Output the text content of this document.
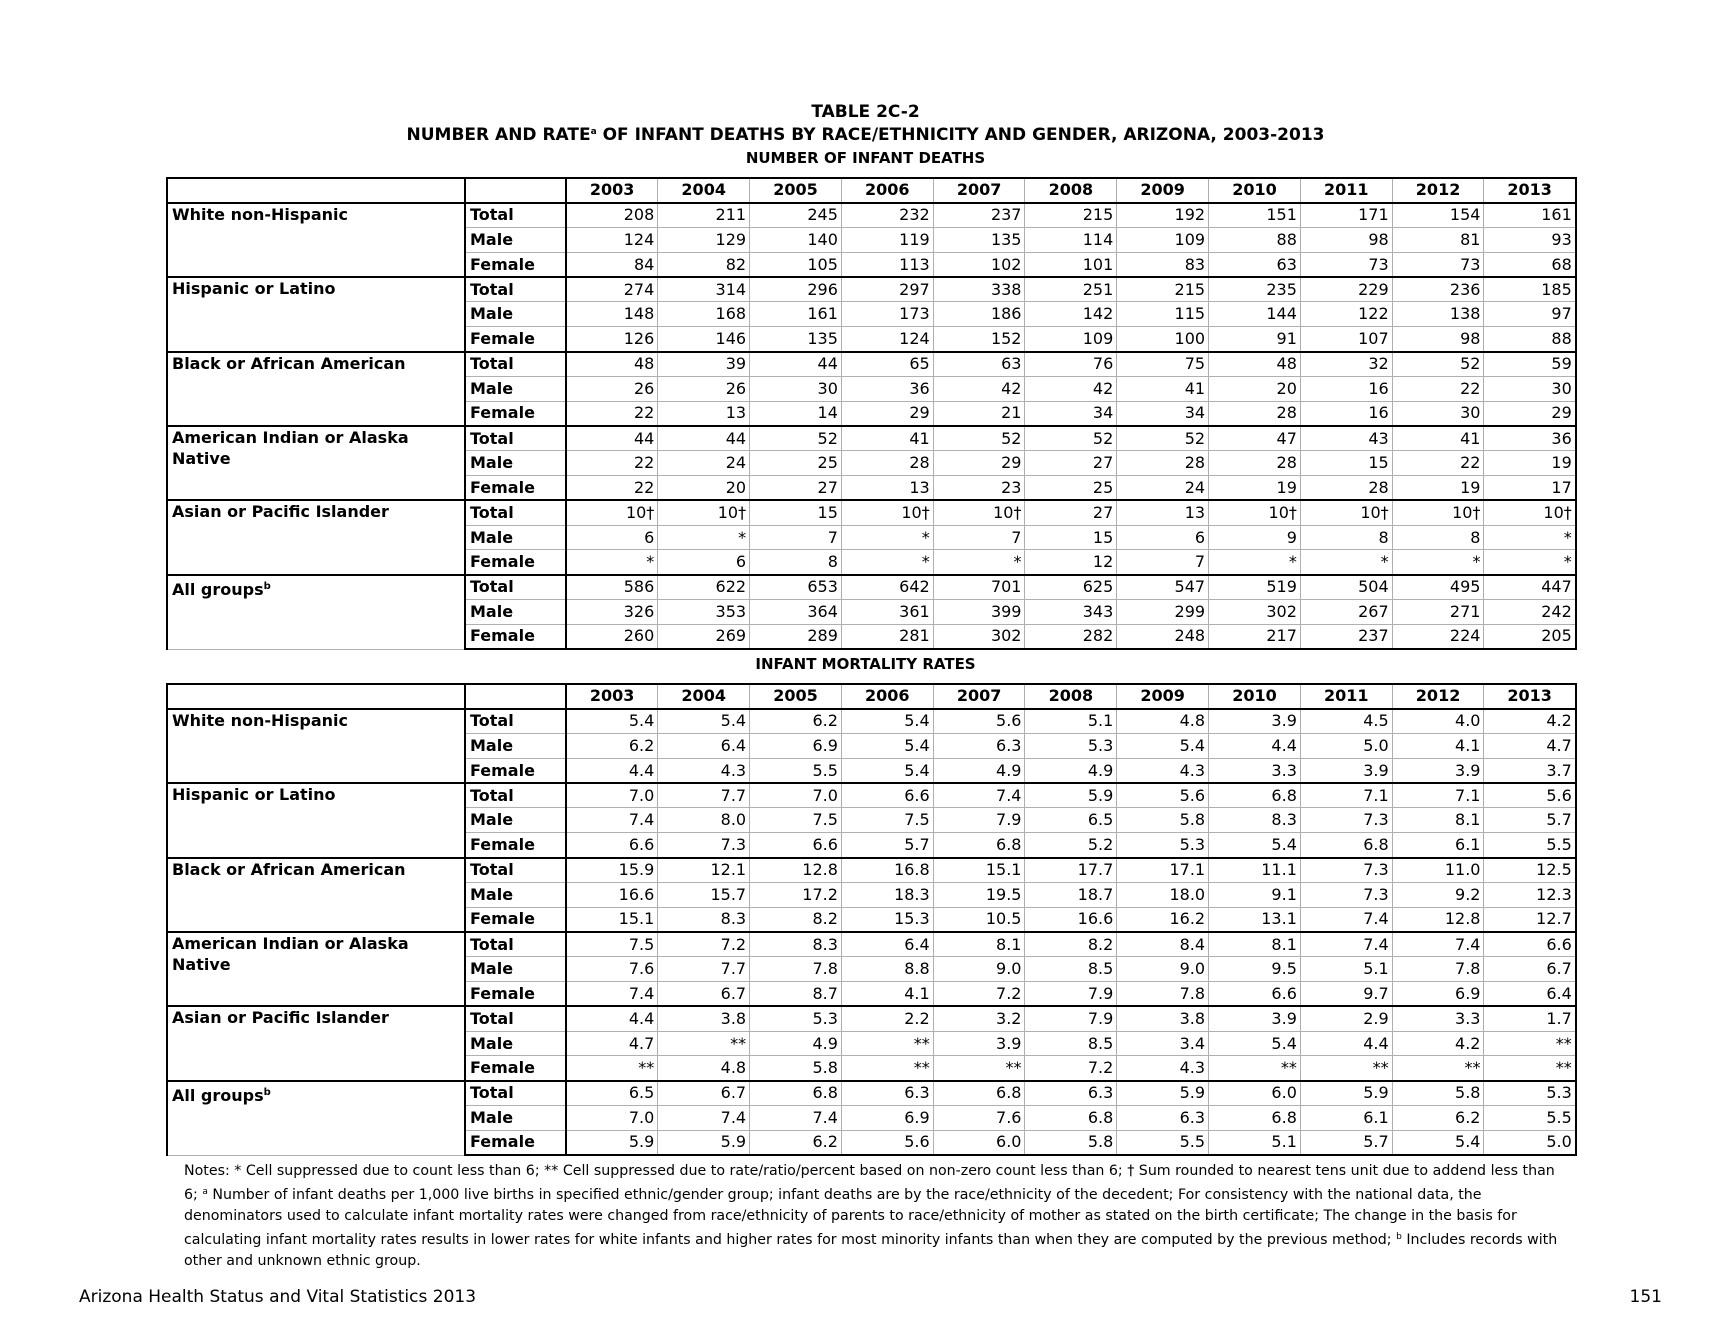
TABLE 2C-2
NUMBER AND RATE$^a$ OF INFANT DEATHS BY RACE/ETHNICITY AND GENDER, ARIZONA, 2003-2013
NUMBER OF INFANT DEATHS
		2003	2004	2005	2006	2007	2008	2009	2010	2011	2012	2013
White non-Hispanic	Total	208	211	245	232	237	215	192	151	171	154	161
	Male	124	129	140	119	135	114	109	88	98	81	93
	Female	84	82	105	113	102	101	83	63	73	73	68
Hispanic or Latino	Total	274	314	296	297	338	251	215	235	229	236	185
	Male	148	168	161	173	186	142	115	144	122	138	97
	Female	126	146	135	124	152	109	100	91	107	98	88
Black or African American	Total	48	39	44	65	63	76	75	48	32	52	59
	Male	26	26	30	36	42	42	41	20	16	22	30
	Female	22	13	14	29	21	34	34	28	16	30	29
American Indian or Alaska Native	Total	44	44	52	41	52	52	52	47	43	41	36
	Male	22	24	25	28	29	27	28	28	15	22	19
	Female	22	20	27	13	23	25	24	19	28	19	17
Asian or Pacific Islander	Total	10†	10†	15	10†	10†	27	13	10†	10†	10†	10†
	Male	6	*	7	*	7	15	6	9	8	8	*
	Female	*	6	8	*	*	12	7	*	*	*	*
All groups$^b$	Total	586	622	653	642	701	625	547	519	504	495	447
	Male	326	353	364	361	399	343	299	302	267	271	242
	Female	260	269	289	281	302	282	248	217	237	224	205
INFANT MORTALITY RATES
		2003	2004	2005	2006	2007	2008	2009	2010	2011	2012	2013
White non-Hispanic	Total	5.4	5.4	6.2	5.4	5.6	5.1	4.8	3.9	4.5	4.0	4.2
	Male	6.2	6.4	6.9	5.4	6.3	5.3	5.4	4.4	5.0	4.1	4.7
	Female	4.4	4.3	5.5	5.4	4.9	4.9	4.3	3.3	3.9	3.9	3.7
Hispanic or Latino	Total	7.0	7.7	7.0	6.6	7.4	5.9	5.6	6.8	7.1	7.1	5.6
	Male	7.4	8.0	7.5	7.5	7.9	6.5	5.8	8.3	7.3	8.1	5.7
	Female	6.6	7.3	6.6	5.7	6.8	5.2	5.3	5.4	6.8	6.1	5.5
Black or African American	Total	15.9	12.1	12.8	16.8	15.1	17.7	17.1	11.1	7.3	11.0	12.5
	Male	16.6	15.7	17.2	18.3	19.5	18.7	18.0	9.1	7.3	9.2	12.3
	Female	15.1	8.3	8.2	15.3	10.5	16.6	16.2	13.1	7.4	12.8	12.7
American Indian or Alaska Native	Total	7.5	7.2	8.3	6.4	8.1	8.2	8.4	8.1	7.4	7.4	6.6
	Male	7.6	7.7	7.8	8.8	9.0	8.5	9.0	9.5	5.1	7.8	6.7
	Female	7.4	6.7	8.7	4.1	7.2	7.9	7.8	6.6	9.7	6.9	6.4
Asian or Pacific Islander	Total	4.4	3.8	5.3	2.2	3.2	7.9	3.8	3.9	2.9	3.3	1.7
	Male	4.7	**	4.9	**	3.9	8.5	3.4	5.4	4.4	4.2	**
	Female	**	4.8	5.8	**	**	7.2	4.3	**	**	**	**
All groups$^b$	Total	6.5	6.7	6.8	6.3	6.8	6.3	5.9	6.0	5.9	5.8	5.3
	Male	7.0	7.4	7.4	6.9	7.6	6.8	6.3	6.8	6.1	6.2	5.5
	Female	5.9	5.9	6.2	5.6	6.0	5.8	5.5	5.1	5.7	5.4	5.0
Notes: * Cell suppressed due to count less than 6; ** Cell suppressed due to rate/ratio/percent based on non-zero count less than 6; † Sum rounded to nearest tens unit due to addend less than 6; $^a$ Number of infant deaths per 1,000 live births in specified ethnic/gender group; infant deaths are by the race/ethnicity of the decedent; For consistency with the national data, the denominators used to calculate infant mortality rates were changed from race/ethnicity of parents to race/ethnicity of mother as stated on the birth certificate; The change in the basis for calculating infant mortality rates results in lower rates for white infants and higher rates for most minority infants than when they are computed by the previous method; $^b$ Includes records with other and unknown ethnic group.
Arizona Health Status and Vital Statistics 2013	151
